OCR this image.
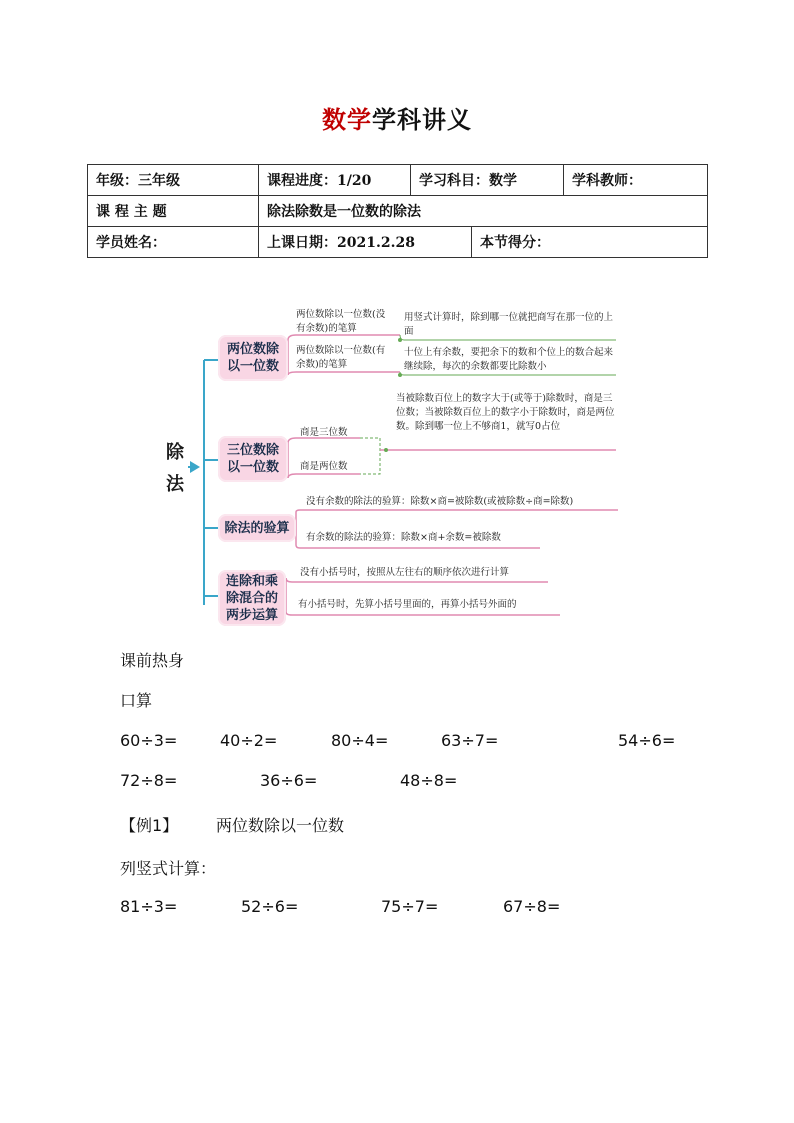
数学学科讲义
年级：三年级	课程进度：1/20	学习科目：数学		学科教师：
课 程 主 题	除法除数是一位数的除法			
学员姓名：	上课日期：2021.2.28		本节得分：	
除法
两位数除以一位数
三位数除以一位数
除法的验算
连除和乘除混合的两步运算
两位数除以一位数(没有余数)的笔算
两位数除以一位数(有余数)的笔算
用竖式计算时，除到哪一位就把商写在那一位的上面
十位上有余数，要把余下的数和个位上的数合起来继续除，每次的余数都要比除数小
商是三位数
商是两位数
当被除数百位上的数字大于(或等于)除数时，商是三位数；当被除数百位上的数字小于除数时，商是两位数。除到哪一位上不够商1，就写0占位
没有余数的除法的验算：除数×商=被除数(或被除数÷商=除数)
有余数的除法的验算：除数×商+余数=被除数
没有小括号时，按照从左往右的顺序依次进行计算
有小括号时，先算小括号里面的，再算小括号外面的
课前热身
口算
60÷3=	40÷2=	80÷4=	63÷7=	54÷6=
72÷8=	36÷6=	48÷8=
【例1】 两位数除以一位数
列竖式计算：
81÷3=	52÷6=	75÷7=	67÷8=
